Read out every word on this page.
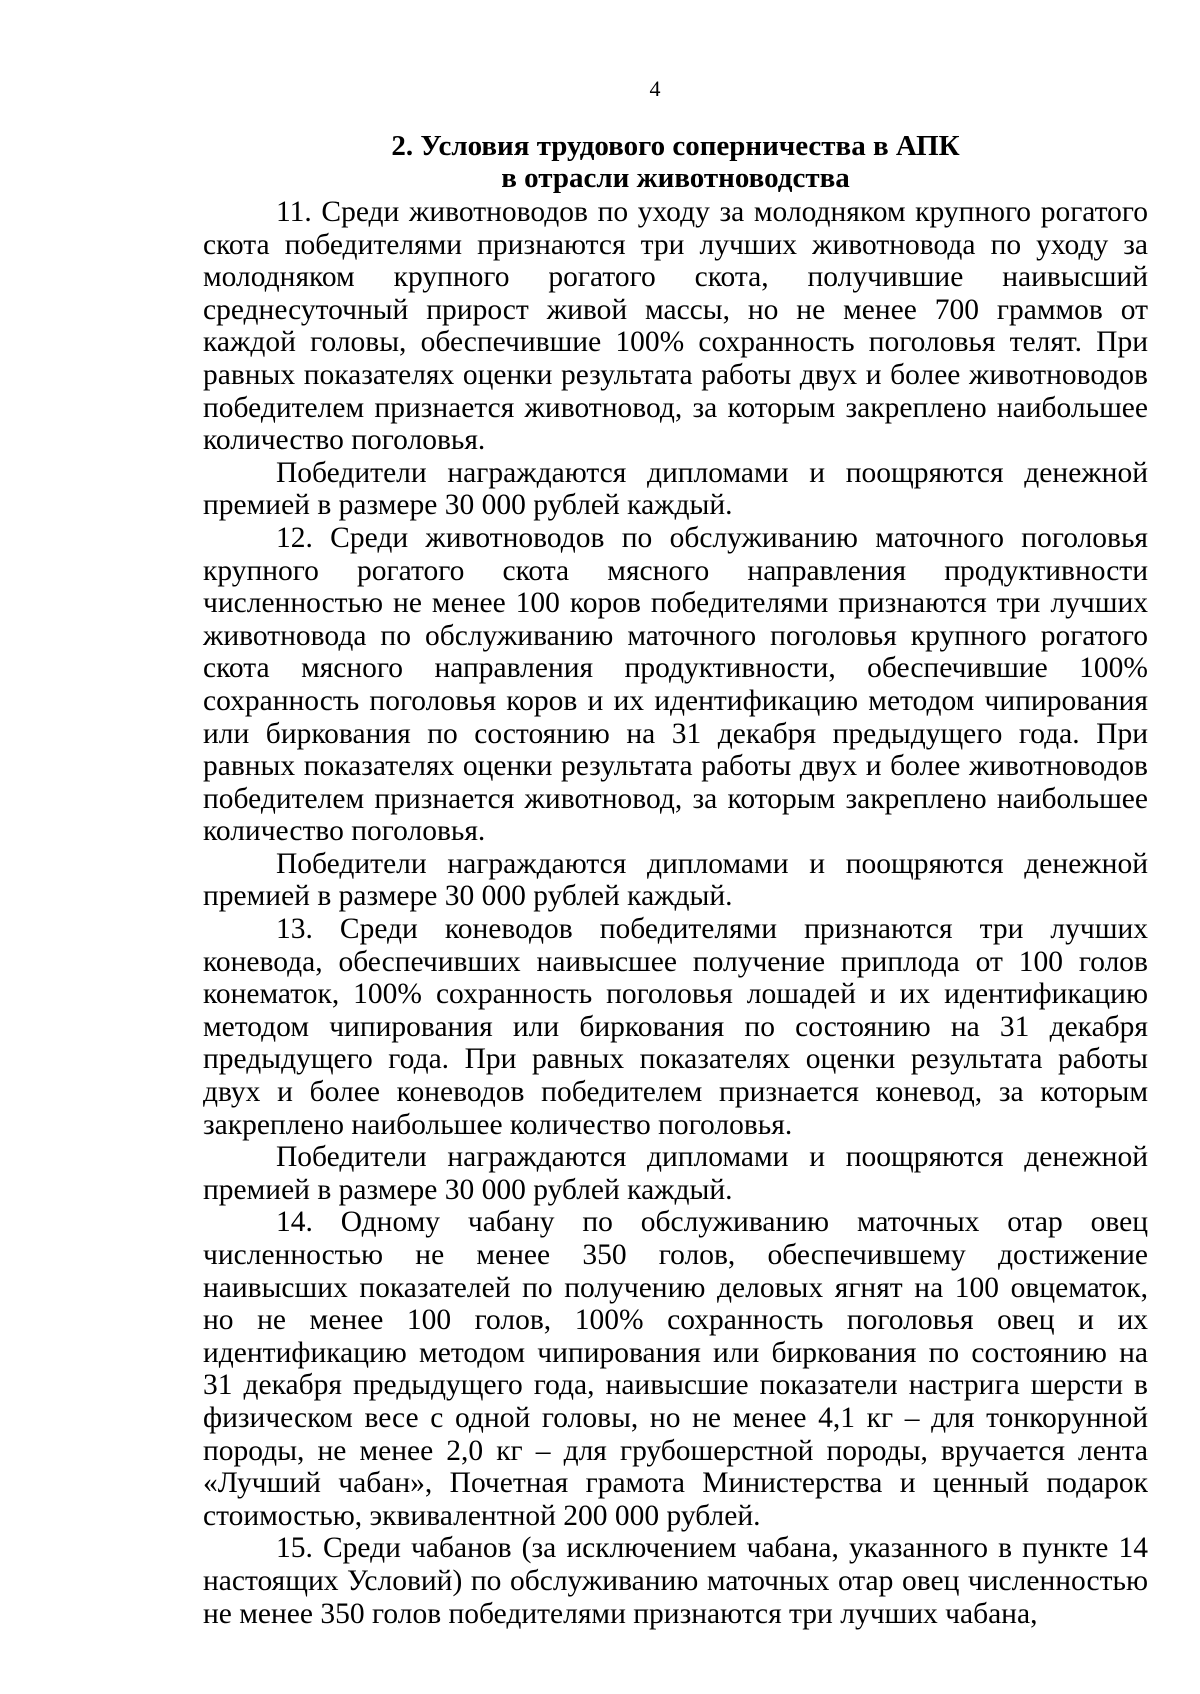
4
2. Условия трудового соперничества в АПК
в отрасли животноводства

11. Среди животноводов по уходу за молодняком крупного рогатого скота победителями признаются три лучших животновода по уходу за молодняком крупного рогатого скота, получившие наивысший среднесуточный прирост живой массы, но не менее 700 граммов от каждой головы, обеспечившие 100% сохранность поголовья телят. При равных показателях оценки результата работы двух и более животноводов победителем признается животновод, за которым закреплено наибольшее количество поголовья.

Победители награждаются дипломами и поощряются денежной премией в размере 30 000 рублей каждый.

12. Среди животноводов по обслуживанию маточного поголовья крупного рогатого скота мясного направления продуктивности численностью не менее 100 коров победителями признаются три лучших животновода по обслуживанию маточного поголовья крупного рогатого скота мясного направления продуктивности, обеспечившие 100% сохранность поголовья коров и их идентификацию методом чипирования или биркования по состоянию на 31 декабря предыдущего года. При равных показателях оценки результата работы двух и более животноводов победителем признается животновод, за которым закреплено наибольшее количество поголовья.

Победители награждаются дипломами и поощряются денежной премией в размере 30 000 рублей каждый.

13. Среди коневодов победителями признаются три лучших коневода, обеспечивших наивысшее получение приплода от 100 голов конематок, 100% сохранность поголовья лошадей и их идентификацию методом чипирования или биркования по состоянию на 31 декабря предыдущего года. При равных показателях оценки результата работы двух и более коневодов победителем признается коневод, за которым закреплено наибольшее количество поголовья.

Победители награждаются дипломами и поощряются денежной премией в размере 30 000 рублей каждый.

14. Одному чабану по обслуживанию маточных отар овец численностью не менее 350 голов, обеспечившему достижение наивысших показателей по получению деловых ягнят на 100 овцематок, но не менее 100 голов, 100% сохранность поголовья овец и их идентификацию методом чипирования или биркования по состоянию на 31 декабря предыдущего года, наивысшие показатели настрига шерсти в физическом весе с одной головы, но не менее 4,1 кг – для тонкорунной породы, не менее 2,0 кг – для грубошерстной породы, вручается лента «Лучший чабан», Почетная грамота Министерства и ценный подарок стоимостью, эквивалентной 200 000 рублей.

15. Среди чабанов (за исключением чабана, указанного в пункте 14 настоящих Условий) по обслуживанию маточных отар овец численностью не менее 350 голов победителями признаются три лучших чабана,
